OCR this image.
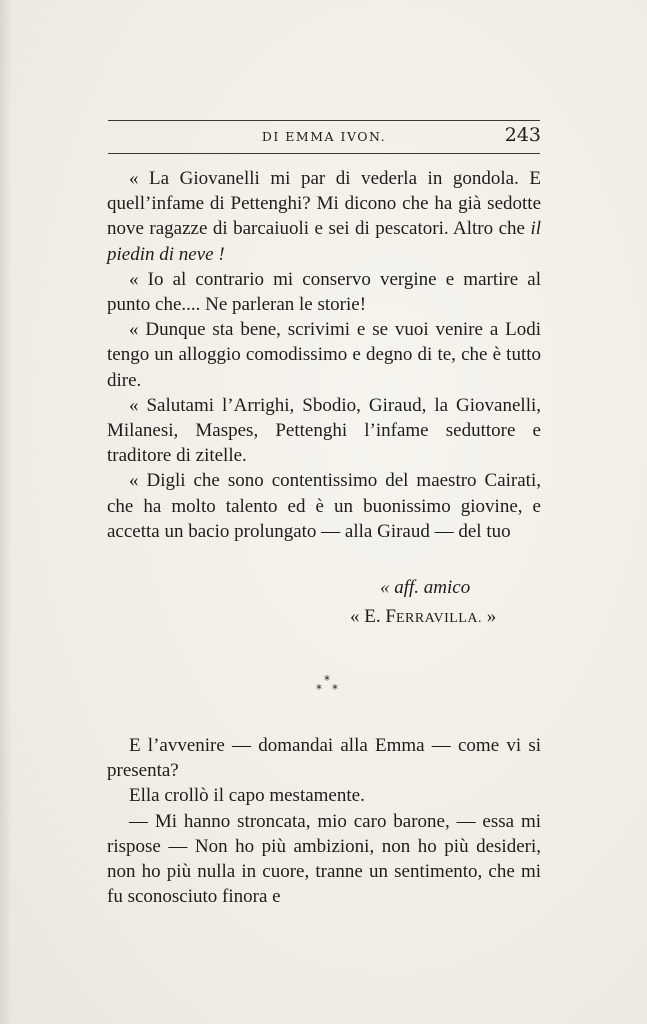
DI EMMA IVON.	243

« La Giovanelli mi par di vederla in gondola. E quell’infame di Pettenghi? Mi dicono che ha già sedotte nove ragazze di barcaiuoli e sei di pescatori. Altro che il piedin di neve !

« Io al contrario mi conservo vergine e martire al punto che.... Ne parleran le storie!

« Dunque sta bene, scrivimi e se vuoi venire a Lodi tengo un alloggio comodissimo e degno di te, che è tutto dire.

« Salutami l’Arrighi, Sbodio, Giraud, la Giovanelli, Milanesi, Maspes, Pettenghi l’infame seduttore e traditore di zitelle.

« Digli che sono contentissimo del maestro Cairati, che ha molto talento ed è un buonissimo giovine, e accetta un bacio prolungato — alla Giraud — del tuo

« aff. amico
« E. FERRAVILLA. »
*
* *

E l’avvenire — domandai alla Emma — come vi si presenta?

Ella crollò il capo mestamente.

— Mi hanno stroncata, mio caro barone, — essa mi rispose — Non ho più ambizioni, non ho più desideri, non ho più nulla in cuore, tranne un sentimento, che mi fu sconosciuto finora e
